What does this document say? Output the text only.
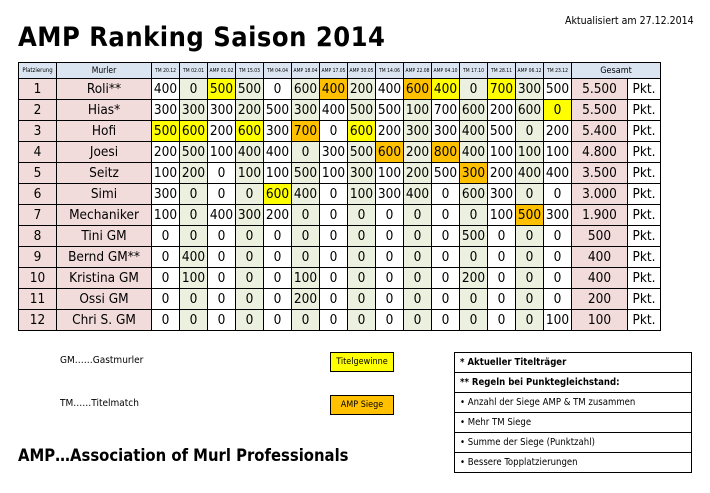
AMP Ranking Saison 2014
Aktualisiert am 27.12.2014
Platzierung	Murler	TM 20.12	TM 02.01	AMP 01.02	TM 15.03	TM 04.04	AMP 18.04	AMP 17.05	AMP 30.05	TM 14.06	AMP 22.08	AMP 04.10	TM 17.10	TM 28.11	AMP 06.12	TM 23.12	Gesamt	
1	Roli**	400	0	500	500	0	600	400	200	400	600	400	0	700	300	500	5.500	Pkt.
2	Hias*	300	300	300	200	500	300	400	500	500	100	700	600	200	600	0	5.500	Pkt.
3	Hofi	500	600	200	600	300	700	0	600	200	300	300	400	500	0	200	5.400	Pkt.
4	Joesi	200	500	100	400	400	0	300	500	600	200	800	400	100	100	100	4.800	Pkt.
5	Seitz	100	200	0	100	100	500	100	300	100	200	500	300	200	400	400	3.500	Pkt.
6	Simi	300	0	0	0	600	400	0	100	300	400	0	600	300	0	0	3.000	Pkt.
7	Mechaniker	100	0	400	300	200	0	0	0	0	0	0	0	100	500	300	1.900	Pkt.
8	Tini GM	0	0	0	0	0	0	0	0	0	0	0	500	0	0	0	500	Pkt.
9	Bernd GM**	0	400	0	0	0	0	0	0	0	0	0	0	0	0	0	400	Pkt.
10	Kristina GM	0	100	0	0	0	100	0	0	0	0	0	200	0	0	0	400	Pkt.
11	Ossi GM	0	0	0	0	0	200	0	0	0	0	0	0	0	0	0	200	Pkt.
12	Chri S. GM	0	0	0	0	0	0	0	0	0	0	0	0	0	0	100	100	Pkt.
GM……Gastmurler
TM……Titelmatch
Titelgewinne
AMP Siege
AMP…Association of Murl Professionals
* Aktueller Titelträger
** Regeln bei Punktegleichstand:
• Anzahl der Siege AMP & TM zusammen
• Mehr TM Siege
• Summe der Siege (Punktzahl)
• Bessere Topplatzierungen
